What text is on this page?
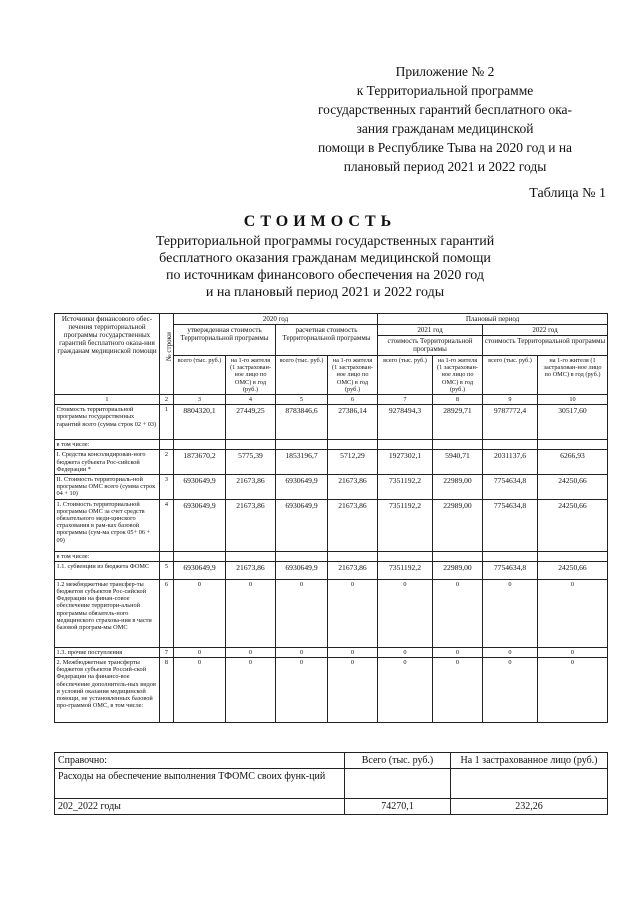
Приложение № 2
к Территориальной программе
государственных гарантий бесплатного ока-
зания гражданам медицинской
помощи в Республике Тыва на 2020 год и на
плановый период 2021 и 2022 годы
Таблица № 1
СТОИМОСТЬ
Территориальной программы государственных гарантий
бесплатного оказания гражданам медицинской помощи
по источникам финансового обеспечения на 2020 год
и на плановый период 2021 и 2022 годы
Источники финансового обес-печения территориальной программы государственных гарантий бесплатного оказа-ния гражданам медицинской помощи	№ строки	2020 год				Плановый период			
		утвержденная стоимость Территориальной программы		расчетная стоимость Территориальной программы		2021 год		2022 год	
						стоимость Территориальной программы		стоимость Территориальной программы	
		всего (тыс. руб.)	на 1-го жителя (1 застрахован-ное лицо по ОМС) в год (руб.)	всего (тыс. руб.)	на 1-го жителя (1 застрахован-ное лицо по ОМС) в год (руб.)	всего (тыс. руб.)	на 1-го жителя (1 застрахован-ное лицо по ОМС) в год (руб.)	всего (тыс. руб.)	на 1-го жителя (1 застрахован-ное лицо по ОМС) в год (руб.)
1	2	3	4	5	6	7	8	9	10
Стоимость территориальной программы государственных гарантий всего (сумма строк 02 + 03)	1	8804320,1	27449,25	8783846,6	27386,14	9278494,3	28929,71	9787772,4	30517,60
в том числе:									
I. Средства консолидирован-ного бюджета субъекта Рос-сийской Федерации *	2	1873670,2	5775,39	1853196,7	5712,29	1927302,1	5940,71	2031137,6	6266,93
II. Стоимость территориаль-ной программы ОМС всего (сумма строк 04 + 10)	3	6930649,9	21673,86	6930649,9	21673,86	7351192,2	22989,00	7754634,8	24250,66
1. Стоимость территориальной программы ОМС за счет средств обязательного меди-цинского страхования в рам-ках базовой программы (сум-ма строк 05+ 06 + 09)	4	6930649,9	21673,86	6930649,9	21673,86	7351192,2	22989,00	7754634,8	24250,66
в том числе:									
1.1. субвенции из бюджета ФОМС	5	6930649,9	21673,86	6930649,9	21673,86	7351192,2	22989,00	7754634,8	24250,66
1.2 межбюджетные трансфер-ты бюджетов субъектов Рос-сийской Федерации на финан-совое обеспечение территори-альной программы обязатель-ного медицинского страхова-ния в части базовой програм-мы ОМС	6	0	0	0	0	0	0	0	0
1.3. прочие поступления	7	0	0	0	0	0	0	0	0
2. Межбюджетные трансферты бюджетов субъектов Россий-ской Федерации на финансо-вое обеспечение дополнитель-ных видов и условий оказания медицинской помощи, не установленных базовой про-граммой ОМС, в том числе:	8	0	0	0	0	0	0	0	0
Справочно:	Всего (тыс. руб.)	На 1 застрахованное лицо (руб.)
Расходы на обеспечение выполнения ТФОМС своих функ-ций		
202_2022 годы	74270,1	232,26
